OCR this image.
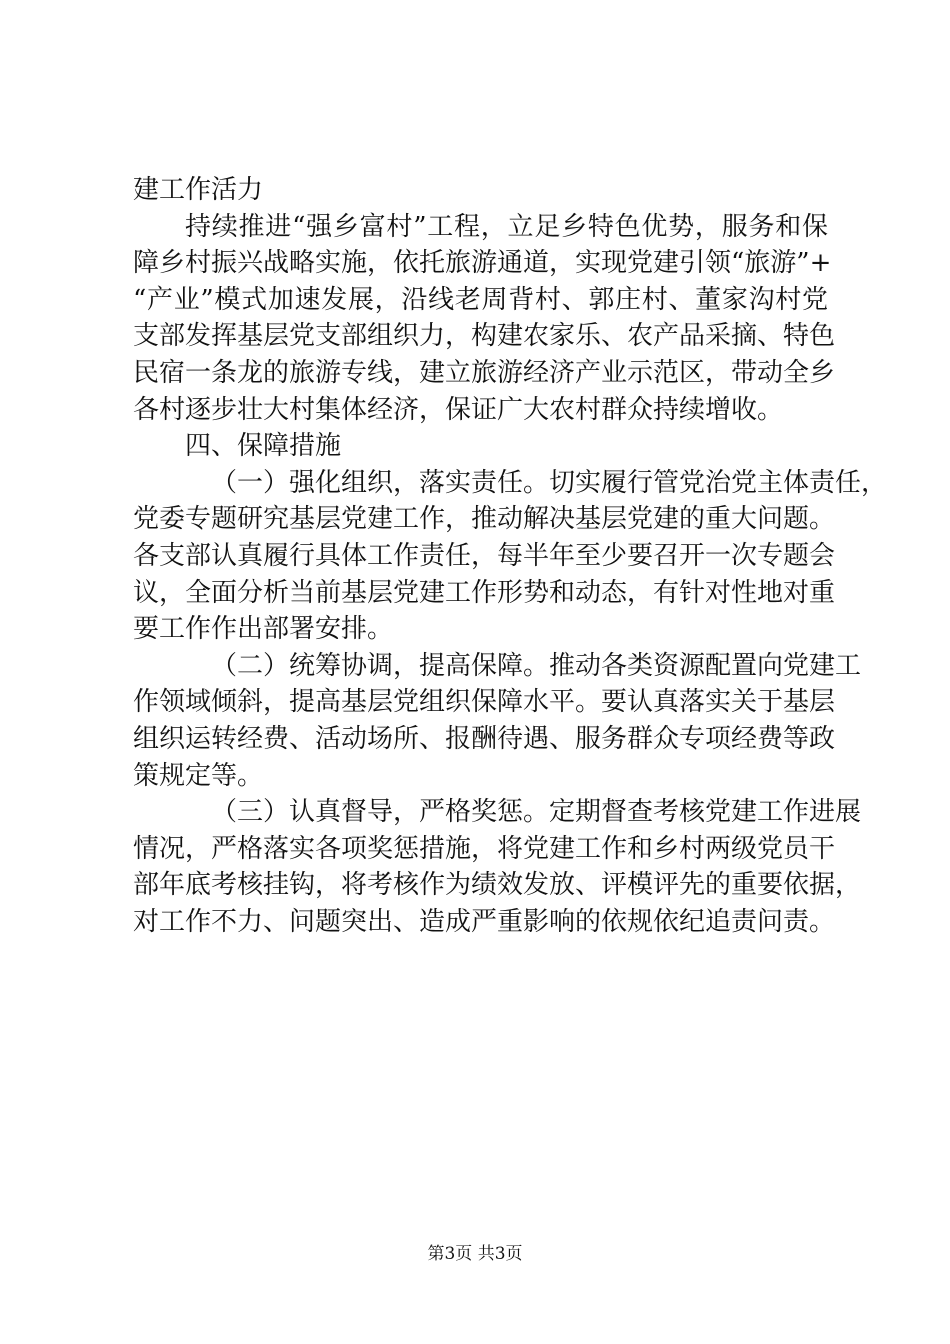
建工作活力
持续推进“强乡富村”工程，立足乡特色优势，服务和保
障乡村振兴战略实施，依托旅游通道，实现党建引领“旅游”+
“产业”模式加速发展，沿线老周背村、郭庄村、董家沟村党
支部发挥基层党支部组织力，构建农家乐、农产品采摘、特色
民宿一条龙的旅游专线，建立旅游经济产业示范区，带动全乡
各村逐步壮大村集体经济，保证广大农村群众持续增收。
四、保障措施
（一）强化组织，落实责任。切实履行管党治党主体责任，
党委专题研究基层党建工作，推动解决基层党建的重大问题。
各支部认真履行具体工作责任，每半年至少要召开一次专题会
议，全面分析当前基层党建工作形势和动态，有针对性地对重
要工作作出部署安排。
（二）统筹协调，提高保障。推动各类资源配置向党建工
作领域倾斜，提高基层党组织保障水平。要认真落实关于基层
组织运转经费、活动场所、报酬待遇、服务群众专项经费等政
策规定等。
（三）认真督导，严格奖惩。定期督查考核党建工作进展
情况，严格落实各项奖惩措施，将党建工作和乡村两级党员干
部年底考核挂钩，将考核作为绩效发放、评模评先的重要依据，
对工作不力、问题突出、造成严重影响的依规依纪追责问责。
第3页 共3页
